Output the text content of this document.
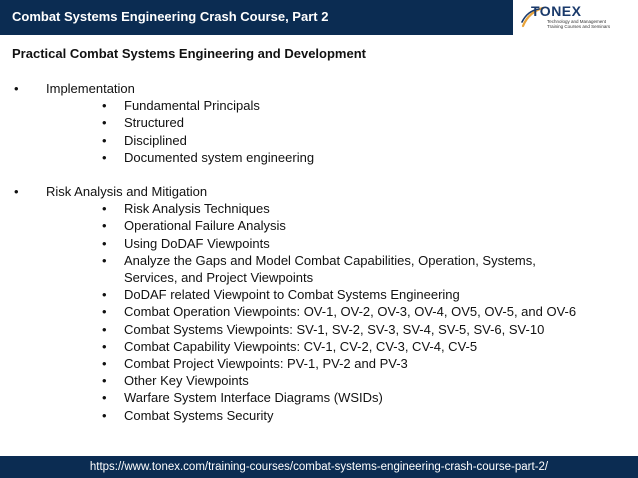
Combat Systems Engineering Crash Course, Part 2	TONEX
Technology and Management
Training Courses and Seminars
Practical Combat Systems Engineering and Development
• Implementation
• Fundamental Principals
• Structured
• Disciplined
• Documented system engineering
• Risk Analysis and Mitigation
• Risk Analysis Techniques
• Operational Failure Analysis
• Using DoDAF Viewpoints
• Analyze the Gaps and Model Combat Capabilities, Operation, Systems, Services, and Project Viewpoints
• DoDAF related Viewpoint to Combat Systems Engineering
• Combat Operation Viewpoints: OV-1, OV-2, OV-3, OV-4, OV5, OV-5, and OV-6
• Combat Systems Viewpoints: SV-1, SV-2, SV-3, SV-4, SV-5, SV-6, SV-10
• Combat Capability Viewpoints: CV-1, CV-2, CV-3, CV-4, CV-5
• Combat Project Viewpoints: PV-1, PV-2 and PV-3
• Other Key Viewpoints
• Warfare System Interface Diagrams (WSIDs)
• Combat Systems Security
https://www.tonex.com/training-courses/combat-systems-engineering-crash-course-part-2/
